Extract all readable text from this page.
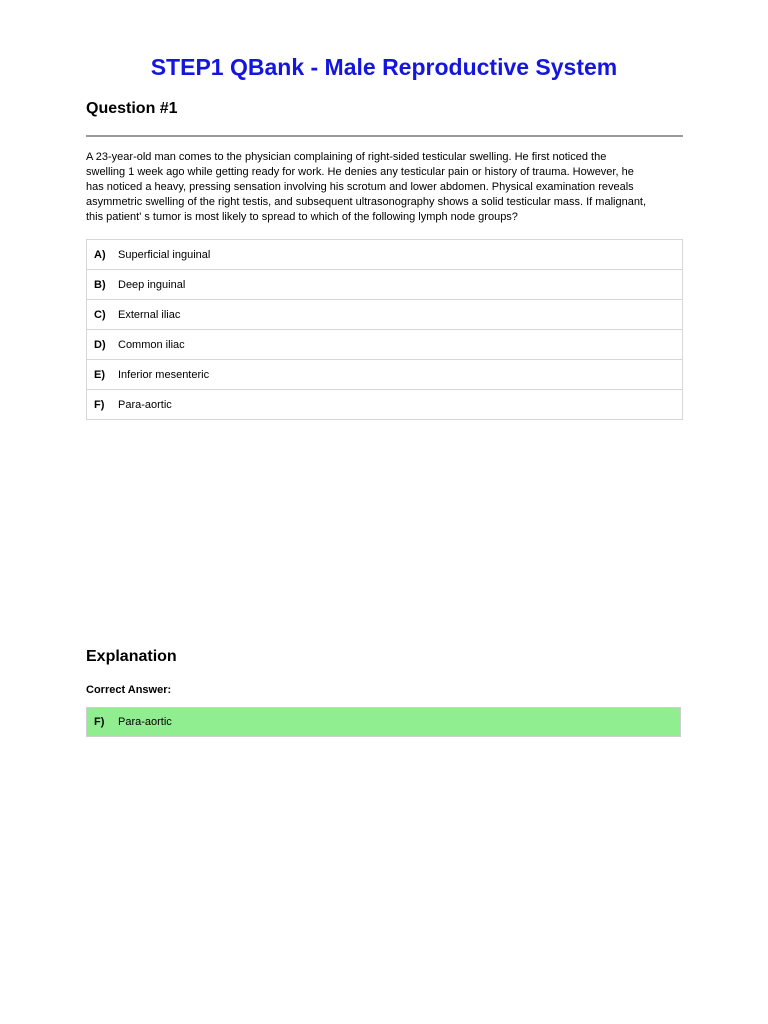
STEP1 QBank - Male Reproductive System
Question #1
A 23-year-old man comes to the physician complaining of right-sided testicular swelling. He first noticed the
swelling 1 week ago while getting ready for work. He denies any testicular pain or history of trauma. However, he
has noticed a heavy, pressing sensation involving his scrotum and lower abdomen. Physical examination reveals
asymmetric swelling of the right testis, and subsequent ultrasonography shows a solid testicular mass. If malignant,
this patient' s tumor is most likely to spread to which of the following lymph node groups?
A)	Superficial inguinal
B)	Deep inguinal
C)	External iliac
D)	Common iliac
E)	Inferior mesenteric
F)	Para-aortic
Explanation
Correct Answer:
F)	Para-aortic
